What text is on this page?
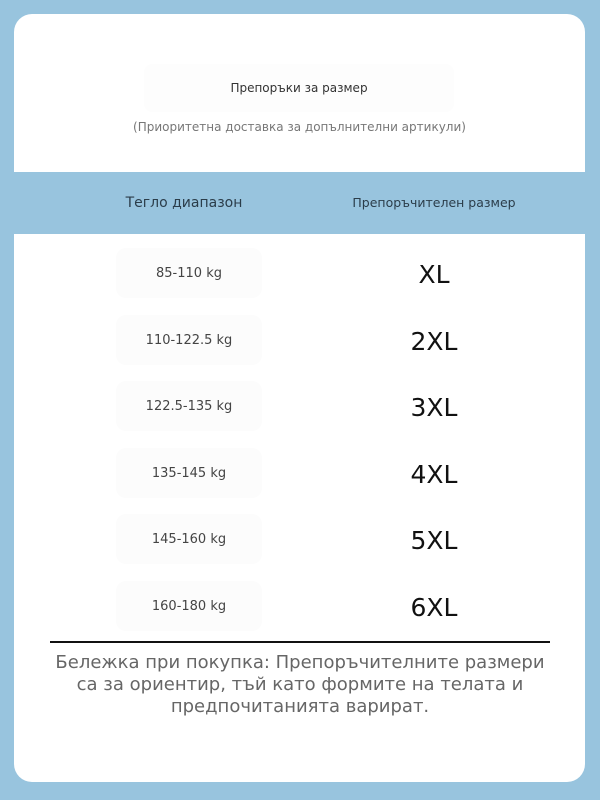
Препоръки за размер
(Приоритетна доставка за допълнителни артикули)
Тегло диапазон	Препоръчителен размер
85-110 kg	XL
110-122.5 kg	2XL
122.5-135 kg	3XL
135-145 kg	4XL
145-160 kg	5XL
160-180 kg	6XL
Бележка при покупка: Препоръчителните размери са за ориентир, тъй като формите на телата и предпочитанията варират.
